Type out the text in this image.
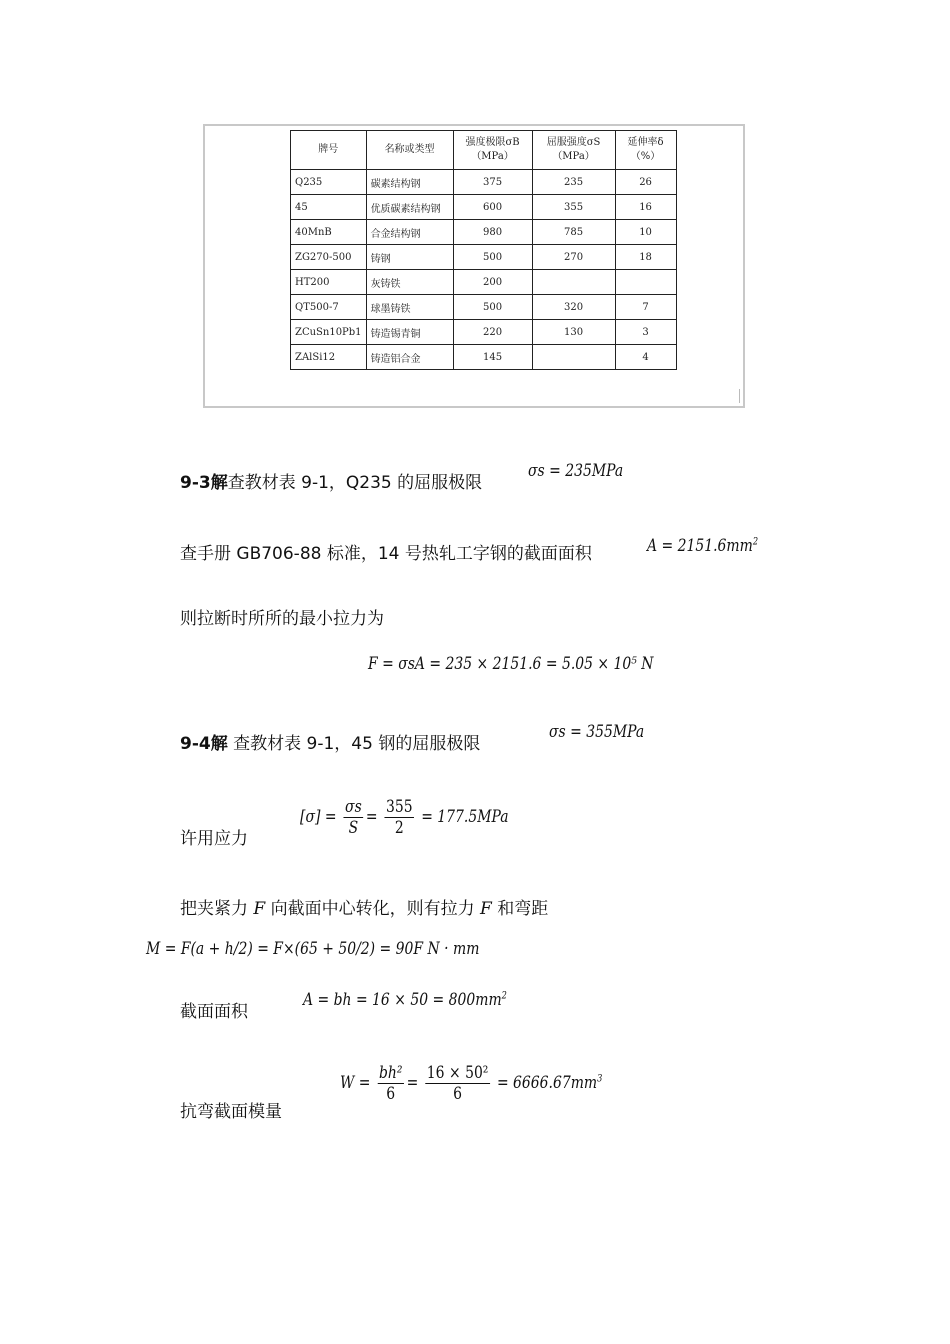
牌号	名称或类型	强度极限σB（MPa）	屈服强度σS（MPa）	延伸率δ（%）
Q235	碳素结构钢	375	235	26
45	优质碳素结构钢	600	355	16
40MnB	合金结构钢	980	785	10
ZG270-500	铸钢	500	270	18
HT200	灰铸铁	200		
QT500-7	球墨铸铁	500	320	7
ZCuSn10Pb1	铸造锡青铜	220	130	3
ZAlSi12	铸造铝合金	145		4
9-3解查教材表 9-1，Q235 的屈服极限
σs = 235MPa
查手册 GB706-88 标准，14 号热轧工字钢的截面面积	$A = 2151.6mm^2$
则拉断时所所的最小拉力为
F = σsA = 235 × 2151.6 = 5.05 × 10⁵ N
9-4解 查教材表 9-1，45 钢的屈服极限
σs = 355MPa
许用应力
$[\sigma] = \frac{\sigma s}{S} = \frac{355}{2} = 177.5MPa$
把夹紧力 F 向截面中心转化，则有拉力 F 和弯距
M = F(a + h/2) = F×(65 + 50/2) = 90F N · mm
截面面积
A = bh = $16 \times 50 = 800mm^2$
抗弯截面模量
$W = \frac{\text{bh²}}{6} = \frac{\text{16 × 50²}}{6} = 6666.67mm^3$
